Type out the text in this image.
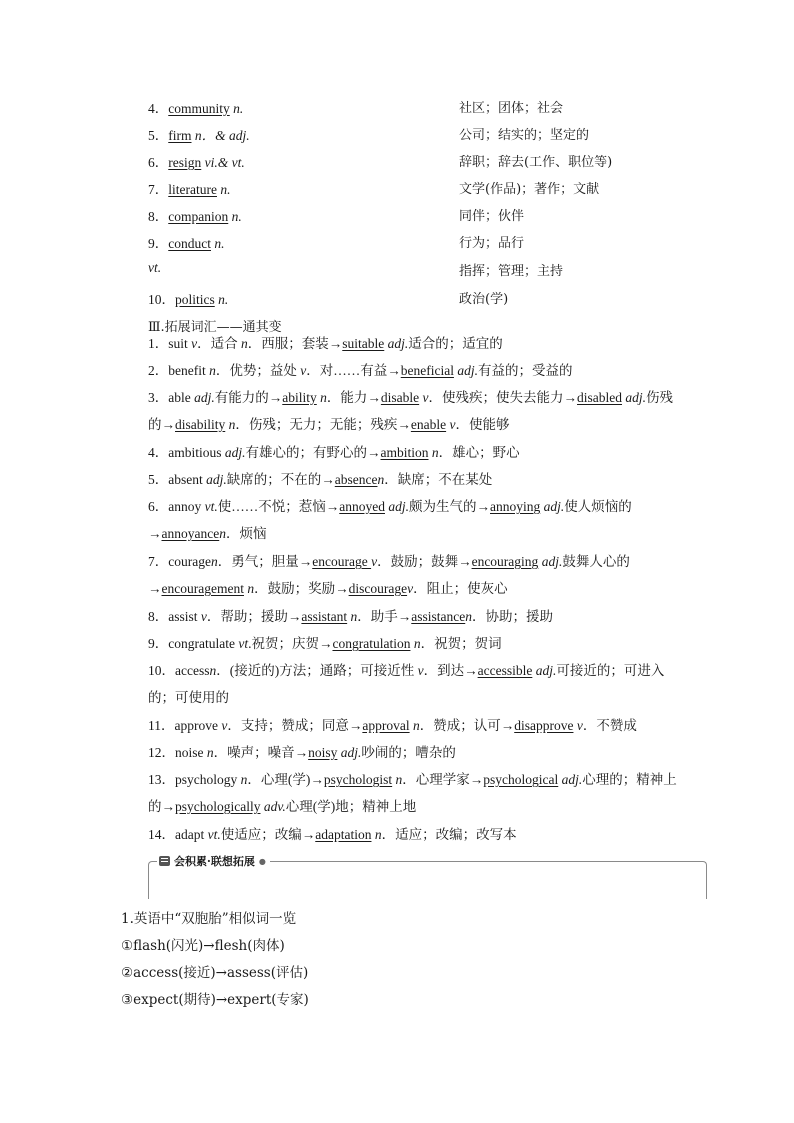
4．community n.	社区；团体；社会
5．firm n．& adj.	公司；结实的；坚定的
6．resign vi.& vt.	辞职；辞去(工作、职位等)
7．literature n.	文学(作品)；著作；文献
8．companion n.	同伴；伙伴
9．conduct n.	行为；品行
vt.	指挥；管理；主持
10．politics n.	政治(学)
Ⅲ.拓展词汇——通其变
1．suit v．适合 n．西服；套装→suitable adj.适合的；适宜的
2．benefit n．优势；益处 v．对……有益→beneficial adj.有益的；受益的
3．able adj.有能力的→ability n．能力→disable v．使残疾；使失去能力→disabled adj.伤残的→disability n．伤残；无力；无能；残疾→enable v．使能够
4．ambitious adj.有雄心的；有野心的→ambition n．雄心；野心
5．absent adj.缺席的；不在的→absencen．缺席；不在某处
6．annoy vt.使……不悦；惹恼→annoyed adj.颇为生气的→annoying adj.使人烦恼的→annoyancen．烦恼
7．couragen．勇气；胆量→encourage v．鼓励；鼓舞→encouraging adj.鼓舞人心的→encouragement n．鼓励；奖励→discouragev．阻止；使灰心
8．assist v．帮助；援助→assistant n．助手→assistancen．协助；援助
9．congratulate vt.祝贺；庆贺→congratulation n．祝贺；贺词
10．accessn．(接近的)方法；通路；可接近性 v．到达→accessible adj.可接近的；可进入的；可使用的
11．approve v．支持；赞成；同意→approval n．赞成；认可→disapprove v．不赞成
12．noise n．噪声；噪音→noisy adj.吵闹的；嘈杂的
13．psychology n．心理(学)→psychologist n．心理学家→psychological adj.心理的；精神上的→psychologically adv.心理(学)地；精神上地
14．adapt vt.使适应；改编→adaptation n．适应；改编；改写本
会积累·联想拓展 ●
1.英语中“双胞胎”相似词一览
①flash(闪光)→flesh(肉体)
②access(接近)→assess(评估)
③expect(期待)→expert(专家)
